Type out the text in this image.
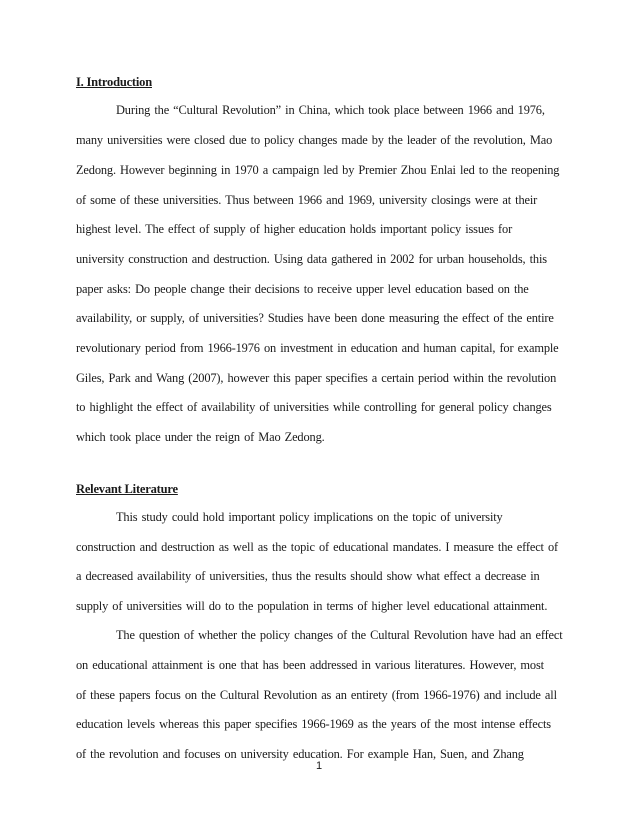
I. Introduction
During the “Cultural Revolution” in China, which took place between 1966 and 1976,
many universities were closed due to policy changes made by the leader of the revolution, Mao
Zedong. However beginning in 1970 a campaign led by Premier Zhou Enlai led to the reopening
of some of these universities. Thus between 1966 and 1969, university closings were at their
highest level. The effect of supply of higher education holds important policy issues for
university construction and destruction. Using data gathered in 2002 for urban households, this
paper asks: Do people change their decisions to receive upper level education based on the
availability, or supply, of universities? Studies have been done measuring the effect of the entire
revolutionary period from 1966-1976 on investment in education and human capital, for example
Giles, Park and Wang (2007), however this paper specifies a certain period within the revolution
to highlight the effect of availability of universities while controlling for general policy changes
which took place under the reign of Mao Zedong.
Relevant Literature
This study could hold important policy implications on the topic of university
construction and destruction as well as the topic of educational mandates. I measure the effect of
a decreased availability of universities, thus the results should show what effect a decrease in
supply of universities will do to the population in terms of higher level educational attainment.
The question of whether the policy changes of the Cultural Revolution have had an effect
on educational attainment is one that has been addressed in various literatures. However, most
of these papers focus on the Cultural Revolution as an entirety (from 1966-1976) and include all
education levels whereas this paper specifies 1966-1969 as the years of the most intense effects
of the revolution and focuses on university education. For example Han, Suen, and Zhang
1
